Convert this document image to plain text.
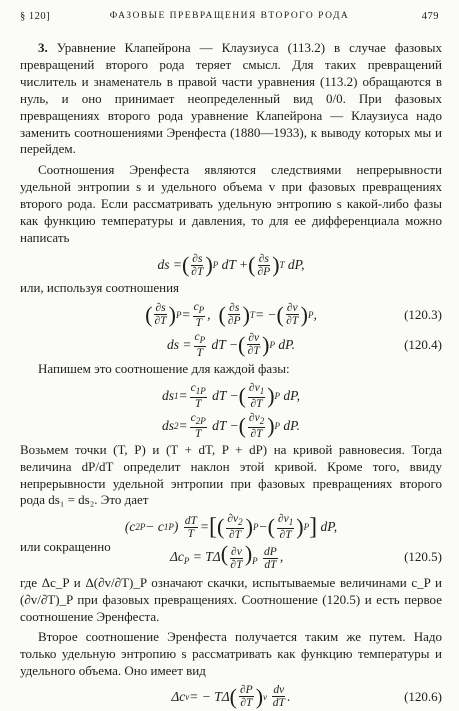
§ 120]	ФАЗОВЫЕ ПРЕВРАЩЕНИЯ ВТОРОГО РОДА	479

3. Уравнение Клапейрона — Клаузиуса (113.2) в случае фазовых превращений второго рода теряет смысл. Для таких превращений числитель и знаменатель в правой части уравнения (113.2) обращаются в нуль, и оно принимает неопределенный вид 0/0. При фазовых превращениях второго рода уравнение Клапейрона — Клаузиуса надо заменить соотношениями Эренфеста (1880—1933), к выводу которых мы и перейдем.

Соотношения Эренфеста являются следствиями непрерывности удельной энтропии s и удельного объема v при фазовых превращениях второго рода. Если рассматривать удельную энтропию s какой-либо фазы как функцию температуры и давления, то для ее дифференциала можно написать

ds = ( $\frac{\partial s}{\partial T}$ ) P dT + ( $\frac{\partial s}{\partial P}$ ) T dP,

или, используя соотношения

( $\frac{\partial s}{\partial T}$ ) $P = \frac{c_P}{T}$ , ( $\frac{\partial s}{\partial P}$ ) T = − ( $\frac{\partial v}{\partial T}$ ) P ,	(120.3)
ds = $\frac{c_P}{T}$ dT − ( $\frac{\partial v}{\partial T}$ ) P dP.	(120.4)

Напишем это соотношение для каждой фазы:

ds $1 = \frac{c_{1P}}{T}$ dT − ( $\frac{\partial v_1}{\partial T}$ ) P dP,
ds $2 = \frac{c_{2P}}{T}$ dT − ( $\frac{\partial v_2}{\partial T}$ ) P dP.

Возьмем точки (T, P) и (T + dT, P + dP) на кривой равновесия. Тогда величина dP/dT определит наклон этой кривой. Кроме того, ввиду непрерывности удельной энтропии при фазовых превращениях второго рода ds₁ = ds₂. Это дает

(c 2P − c 1P ) $\frac{dT}{T}$ = [ ( $\frac{\partial v_2}{\partial T}$ ) P − ( $\frac{\partial v_1}{\partial T}$ ) P ] dP,
или сокращенно
$\Delta c_P = T\Delta( \frac{\partial v}{\partial T} )_P \frac{dP}{dT}$ ,	(120.5)

где Δc_P и Δ(∂v/∂T)_P означают скачки, испытываемые величинами c_P и (∂v/∂T)_P при фазовых превращениях. Соотношение (120.5) и есть первое соотношение Эренфеста.

Второе соотношение Эренфеста получается таким же путем. Надо только удельную энтропию s рассматривать как функцию температуры и удельного объема. Оно имеет вид

Δc v = − TΔ ( $\frac{\partial P}{\partial T}$ ) v
$\frac{dv}{dT}$ .	(120.6)
